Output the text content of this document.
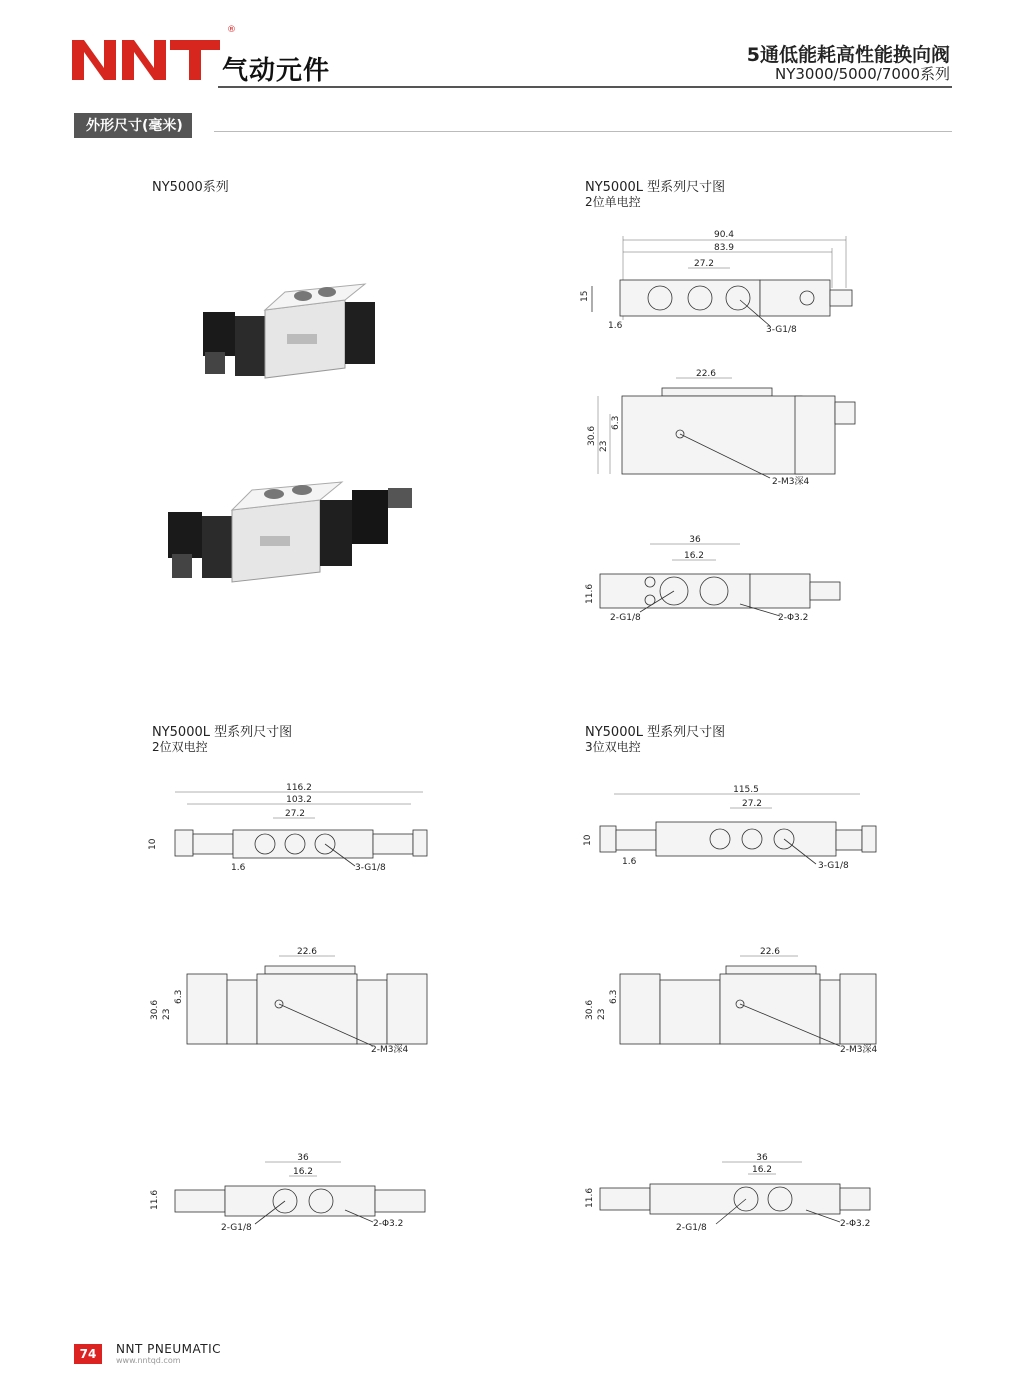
®
气动元件
5通低能耗高性能换向阀
NY3000/5000/7000系列
外形尺寸(毫米)
NY5000系列	NY5000L 型系列尺寸图
2位单电控
90.4
83.9
27.2
15
1.6	3-G1/8
22.6
30.6
23
6.3
2-M3深4
36
16.2
11.6
2-G1/8	2-Φ3.2
NY5000L 型系列尺寸图
2位双电控
116.2
103.2
27.2
10
1.6	3-G1/8
22.6
30.6 23
6.3
2-M3深4
36
16.2
11.6
2-G1/8	2-Φ3.2
NY5000L 型系列尺寸图
3位双电控
115.5
27.2
10
1.6	3-G1/8
22.6
30.6 23
6.3
2-M3深4
36
16.2
11.6
2-G1/8	2-Φ3.2
74	NNT PNEUMATIC
www.nntqd.com
